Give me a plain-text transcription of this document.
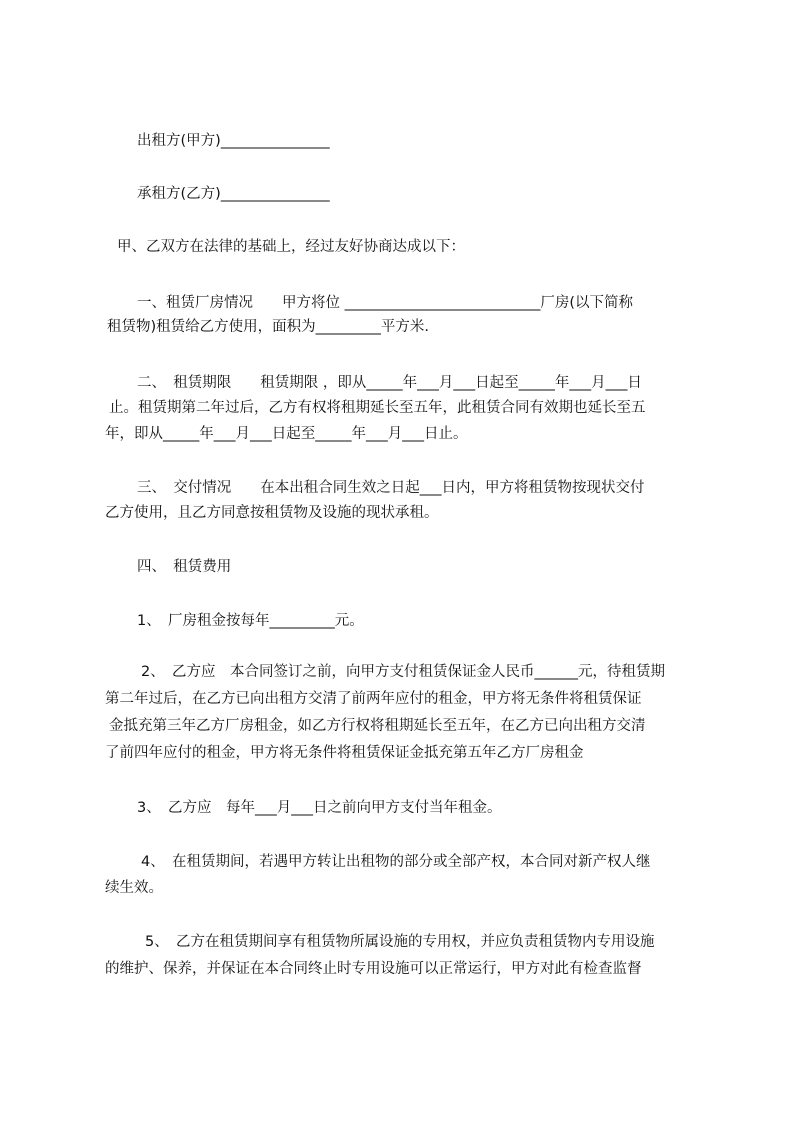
出租方(甲方)_______________
承租方(乙方)_______________
甲、乙双方在法律的基础上，经过友好协商达成以下：
一、租赁厂房情况　　甲方将位 ___________________________厂房(以下简称
租赁物)租赁给乙方使用，面积为_________平方米.
二、　租赁期限　　租赁期限 ，即从_____年___月___日起至_____年___月___日
止。租赁期第二年过后，乙方有权将租期延长至五年，此租赁合同有效期也延长至五
年，即从_____年___月___日起至_____年___月___日止。
三、　交付情况　　在本出租合同生效之日起___日内，甲方将租赁物按现状交付
乙方使用，且乙方同意按租赁物及设施的现状承租。
四、　租赁费用
1、　厂房租金按每年_________元。
2、　乙方应　本合同签订之前，向甲方支付租赁保证金人民币______元，待租赁期
第二年过后，在乙方已向出租方交清了前两年应付的租金，甲方将无条件将租赁保证
金抵充第三年乙方厂房租金，如乙方行权将租期延长至五年，在乙方已向出租方交清
了前四年应付的租金，甲方将无条件将租赁保证金抵充第五年乙方厂房租金
3、　乙方应　每年___月___日之前向甲方支付当年租金。
4、　在租赁期间，若遇甲方转让出租物的部分或全部产权，本合同对新产权人继
续生效。
5、　乙方在租赁期间享有租赁物所属设施的专用权，并应负责租赁物内专用设施
的维护、保养，并保证在本合同终止时专用设施可以正常运行，甲方对此有检查监督
